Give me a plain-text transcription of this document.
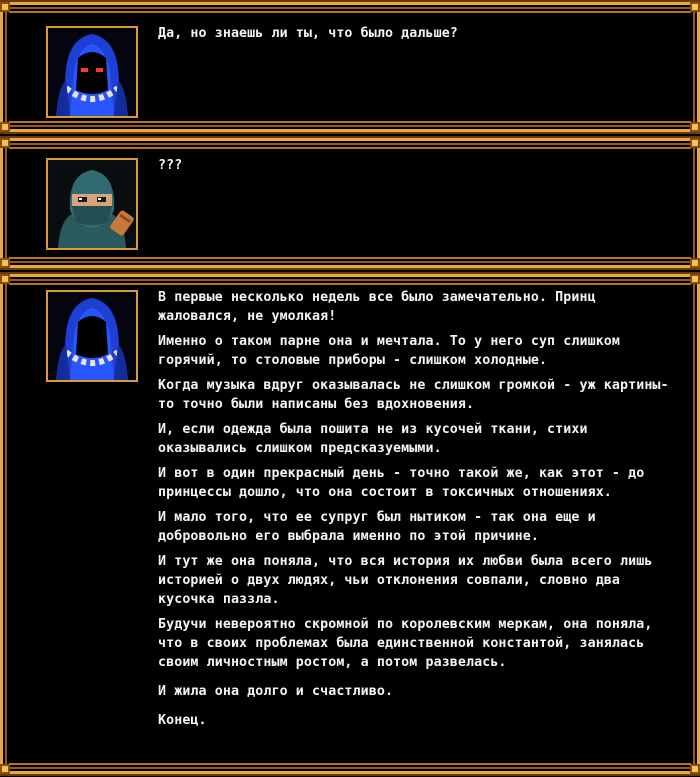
Да, но знаешь ли ты, что было дальше?

???

В первые несколько недель все было замечательно. Принц жаловался, не умолкая!

Именно о таком парне она и мечтала. То у него суп слишком горячий, то столовые приборы - слишком холодные.

Когда музыка вдруг оказывалась не слишком громкой - уж картины-то точно были написаны без вдохновения.

И, если одежда была пошита не из кусочей ткани, стихи оказывались слишком предсказуемыми.

И вот в один прекрасный день - точно такой же, как этот - до принцессы дошло, что она состоит в токсичных отношениях.

И мало того, что ее супруг был нытиком - так она еще и добровольно его выбрала именно по этой причине.

И тут же она поняла, что вся история их любви была всего лишь историей о двух людях, чьи отклонения совпали, словно два кусочка паззла.

Будучи невероятно скромной по королевским меркам, она поняла, что в своих проблемах была единственной константой, занялась своим личностным ростом, а потом развелась.

И жила она долго и счастливо.

Конец.
